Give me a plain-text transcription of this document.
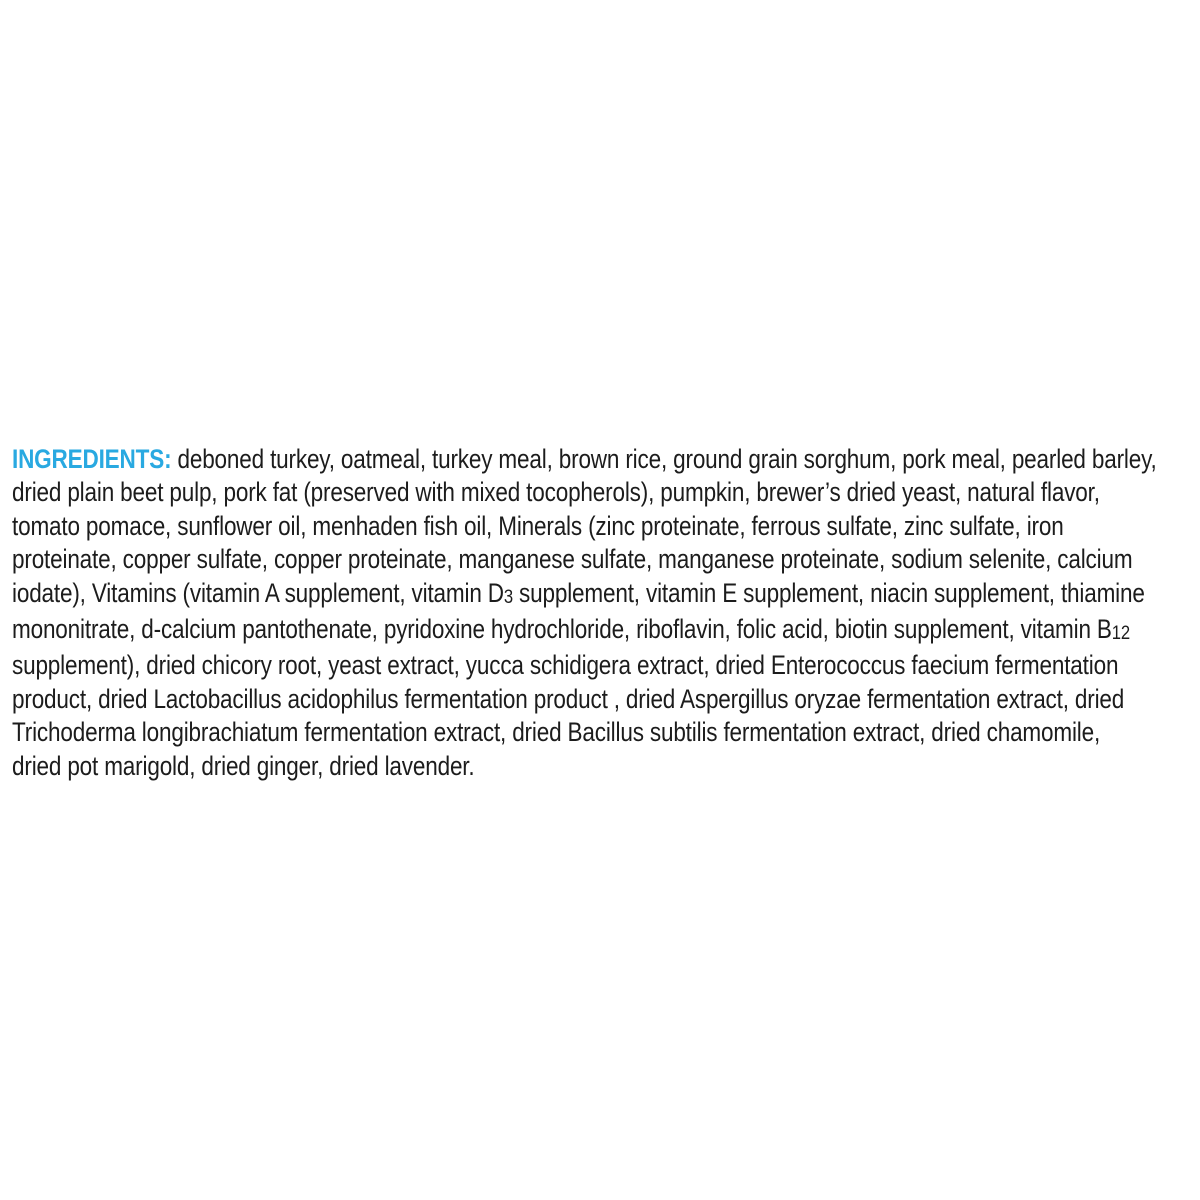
INGREDIENTS: deboned turkey, oatmeal, turkey meal, brown rice, ground grain sorghum, pork meal, pearled barley,
dried plain beet pulp, pork fat (preserved with mixed tocopherols), pumpkin, brewer’s dried yeast, natural flavor,
tomato pomace, sunflower oil, menhaden fish oil, Minerals (zinc proteinate, ferrous sulfate, zinc sulfate, iron
proteinate, copper sulfate, copper proteinate, manganese sulfate, manganese proteinate, sodium selenite, calcium
iodate), Vitamins (vitamin A supplement, vitamin D3 supplement, vitamin E supplement, niacin supplement, thiamine
mononitrate, d-calcium pantothenate, pyridoxine hydrochloride, riboflavin, folic acid, biotin supplement, vitamin B12
supplement), dried chicory root, yeast extract, yucca schidigera extract, dried Enterococcus faecium fermentation
product, dried Lactobacillus acidophilus fermentation product , dried Aspergillus oryzae fermentation extract, dried
Trichoderma longibrachiatum fermentation extract, dried Bacillus subtilis fermentation extract, dried chamomile,
dried pot marigold, dried ginger, dried lavender.
